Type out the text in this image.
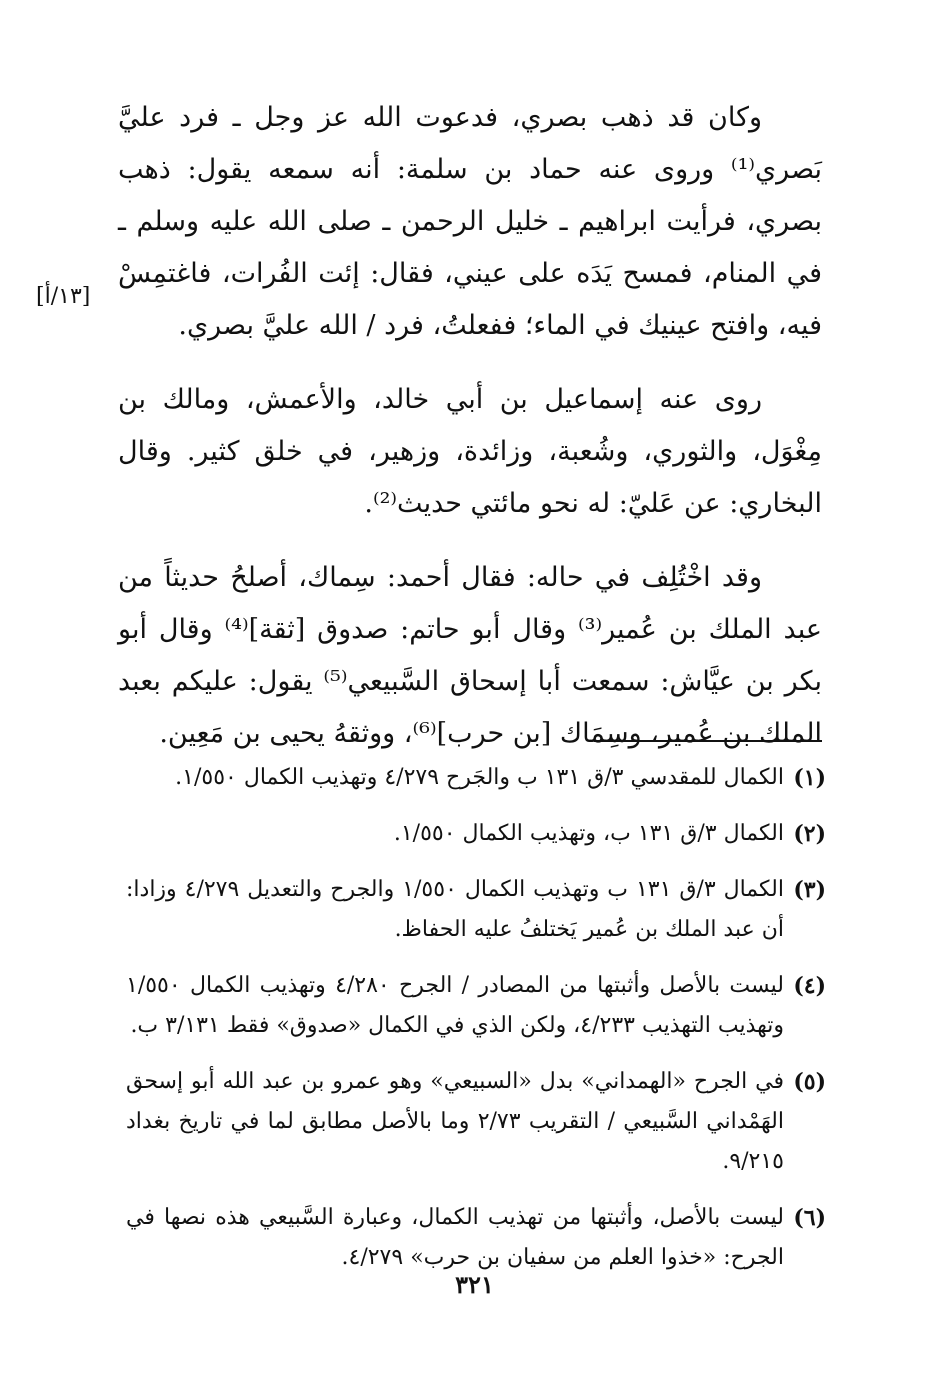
وكان قد ذهب بصري، فدعوت الله عز وجل ـ فرد عليَّ بَصري⁽¹⁾ وروى عنه حماد بن سلمة: أنه سمعه يقول: ذهب بصري، فرأيت ابراهيم ـ خليل الرحمن ـ صلى الله عليه وسلم ـ في المنام، فمسح يَدَه على عيني، فقال: إئت الفُرات، فاغتمِسْ فيه، وافتح عينيك في الماء؛ ففعلتُ، فرد / الله عليَّ بصري.

روى عنه إسماعيل بن أبي خالد، والأعمش، ومالك بن مِغْوَل، والثوري، وشُعبة، وزائدة، وزهير، في خلق كثير. وقال البخاري: عن عَليّ: له نحو مائتي حديث⁽²⁾.

وقد اخْتُلِف في حاله: فقال أحمد: سِماك، أصلحُ حديثاً من عبد الملك بن عُمير⁽³⁾ وقال أبو حاتم: صدوق [ثقة]⁽⁴⁾ وقال أبو بكر بن عيَّاش: سمعت أبا إسحاق السَّبيعي⁽⁵⁾ يقول: عليكم بعبد الملك بن عُمير، وسِمَاك [بن حرب]⁽⁶⁾، ووثقهُ يحيى بن مَعِين.

[١٣/أ]
(١)
الكمال للمقدسي ٣/ق ١٣١ ب والجَرح ٤/٢٧٩ وتهذيب الكمال ١/٥٥٠.
(٢)
الكمال ٣/ق ١٣١ ب، وتهذيب الكمال ١/٥٥٠.
(٣)
الكمال ٣/ق ١٣١ ب وتهذيب الكمال ١/٥٥٠ والجرح والتعديل ٤/٢٧٩ وزادا: أن عبد الملك بن عُمير يَختلفُ عليه الحفاظ.
(٤)
ليست بالأصل وأثبتها من المصادر / الجرح ٤/٢٨٠ وتهذيب الكمال ١/٥٥٠ وتهذيب التهذيب ٤/٢٣٣، ولكن الذي في الكمال «صدوق» فقط ٣/١٣١ ب.
(٥)
في الجرح «الهمداني» بدل «السبيعي» وهو عمرو بن عبد الله أبو إسحق الهَمْداني السَّبيعي / التقريب ٢/٧٣ وما بالأصل مطابق لما في تاريخ بغداد ٩/٢١٥.
(٦)
ليست بالأصل، وأثبتها من تهذيب الكمال، وعبارة السَّبيعي هذه نصها في الجرح: «خذوا العلم من سفيان بن حرب» ٤/٢٧٩.
٣٢١
